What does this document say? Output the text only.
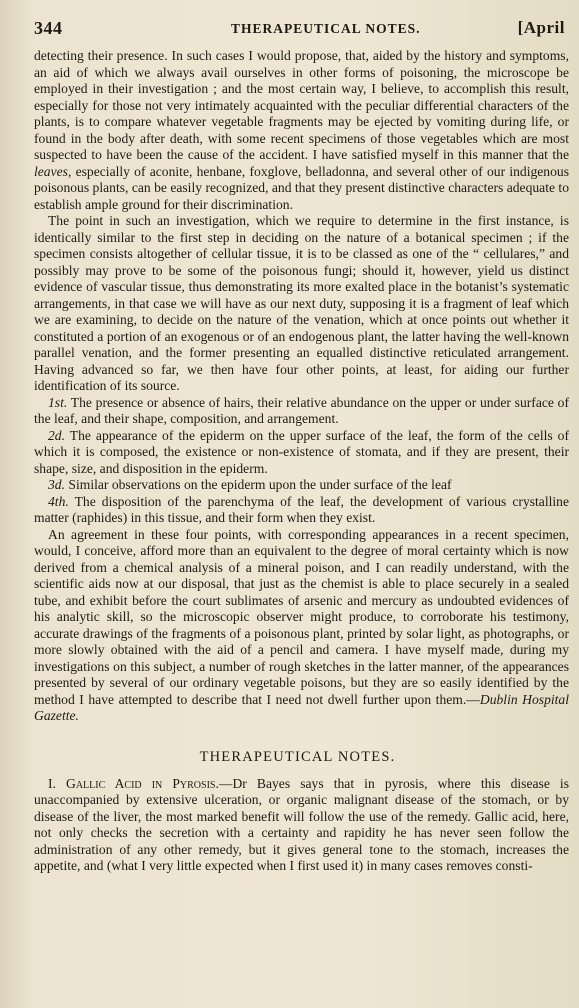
344	THERAPEUTICAL NOTES.	[April

detecting their presence. In such cases I would propose, that, aided by the history and symptoms, an aid of which we always avail ourselves in other forms of poisoning, the microscope be employed in their investigation ; and the most certain way, I believe, to accomplish this result, especially for those not very intimately acquainted with the peculiar differential characters of the plants, is to compare whatever vegetable fragments may be ejected by vomiting during life, or found in the body after death, with some recent specimens of those vegetables which are most suspected to have been the cause of the accident. I have satisfied myself in this manner that the leaves, especially of aconite, henbane, foxglove, belladonna, and several other of our indigenous poisonous plants, can be easily recognized, and that they present distinctive characters adequate to establish ample ground for their discrimination.

The point in such an investigation, which we require to determine in the first instance, is identically similar to the first step in deciding on the nature of a botanical specimen ; if the specimen consists altogether of cellular tissue, it is to be classed as one of the “ cellulares,” and possibly may prove to be some of the poisonous fungi; should it, however, yield us distinct evidence of vascular tissue, thus demonstrating its more exalted place in the botanist’s systematic arrangements, in that case we will have as our next duty, supposing it is a fragment of leaf which we are examining, to decide on the nature of the venation, which at once points out whether it constituted a portion of an exogenous or of an endogenous plant, the latter having the well-known parallel venation, and the former presenting an equalled distinctive reticulated arrangement. Having advanced so far, we then have four other points, at least, for aiding our further identification of its source.

1st. The presence or absence of hairs, their relative abundance on the upper or under surface of the leaf, and their shape, composition, and arrangement.

2d. The appearance of the epiderm on the upper surface of the leaf, the form of the cells of which it is composed, the existence or non-existence of stomata, and if they are present, their shape, size, and disposition in the epiderm.

3d. Similar observations on the epiderm upon the under surface of the leaf

4th. The disposition of the parenchyma of the leaf, the development of various crystalline matter (raphides) in this tissue, and their form when they exist.

An agreement in these four points, with corresponding appearances in a recent specimen, would, I conceive, afford more than an equivalent to the degree of moral certainty which is now derived from a chemical analysis of a mineral poison, and I can readily understand, with the scientific aids now at our disposal, that just as the chemist is able to place securely in a sealed tube, and exhibit before the court sublimates of arsenic and mercury as undoubted evidences of his analytic skill, so the microscopic observer might produce, to corroborate his testimony, accurate drawings of the fragments of a poisonous plant, printed by solar light, as photographs, or more slowly obtained with the aid of a pencil and camera. I have myself made, during my investigations on this subject, a number of rough sketches in the latter manner, of the appearances presented by several of our ordinary vegetable poisons, but they are so easily identified by the method I have attempted to describe that I need not dwell further upon them.—Dublin Hospital Gazette.

THERAPEUTICAL NOTES.

I. Gallic Acid in Pyrosis.—Dr Bayes says that in pyrosis, where this disease is unaccompanied by extensive ulceration, or organic malignant disease of the stomach, or by disease of the liver, the most marked benefit will follow the use of the remedy. Gallic acid, here, not only checks the secretion with a certainty and rapidity he has never seen follow the administration of any other remedy, but it gives general tone to the stomach, increases the appetite, and (what I very little expected when I first used it) in many cases removes consti-
